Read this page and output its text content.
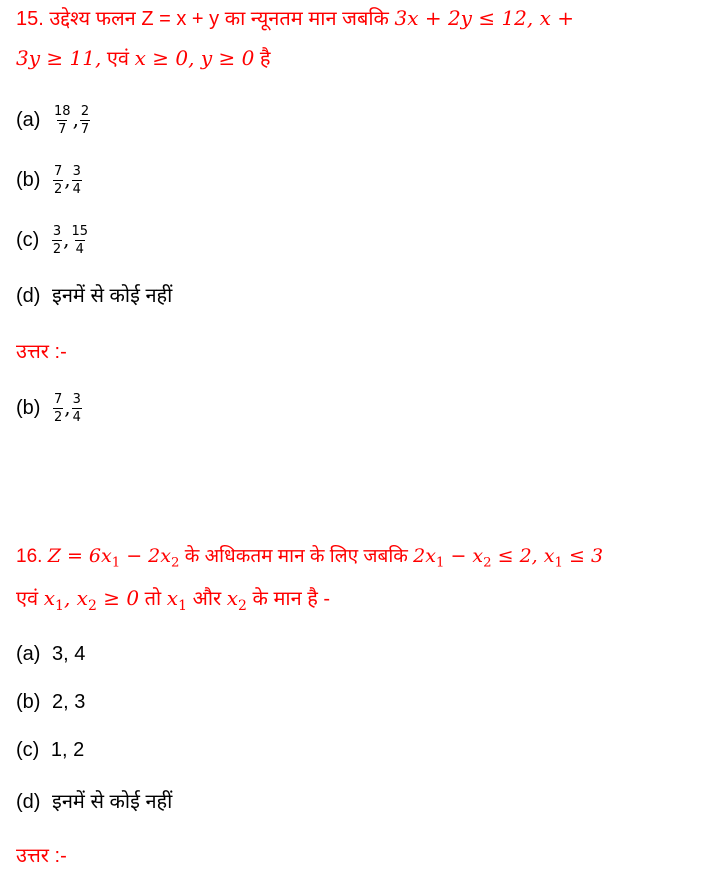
15. उद्देश्य फलन Z = x + y का न्यूनतम मान जबकि 3x + 2y ≤ 12, x +
3y ≥ 11, एवं x ≥ 0, y ≥ 0 है
$(a) \frac{18}{7}$ , $\frac{2}{7}$
$(b) \frac{7}{2}$ , $\frac{3}{4}$
$(c) \frac{3}{2}$ , $\frac{15}{4}$
(d) इनमें से कोई नहीं
उत्तर :-
$(b) \frac{7}{2}$ , $\frac{3}{4}$
16. $Z = 6x_1 - 2x_2$ के अधिकतम मान के लिए जबकि $2x_1 - x_2 \le 2$, $x_1 \le 3$
एवं $x_1$, $x_2 \ge 0$ तो $x_1$ और $x_2$ के मान है -
(a) 3, 4
(b) 2, 3
(c) 1, 2
(d) इनमें से कोई नहीं
उत्तर :-
